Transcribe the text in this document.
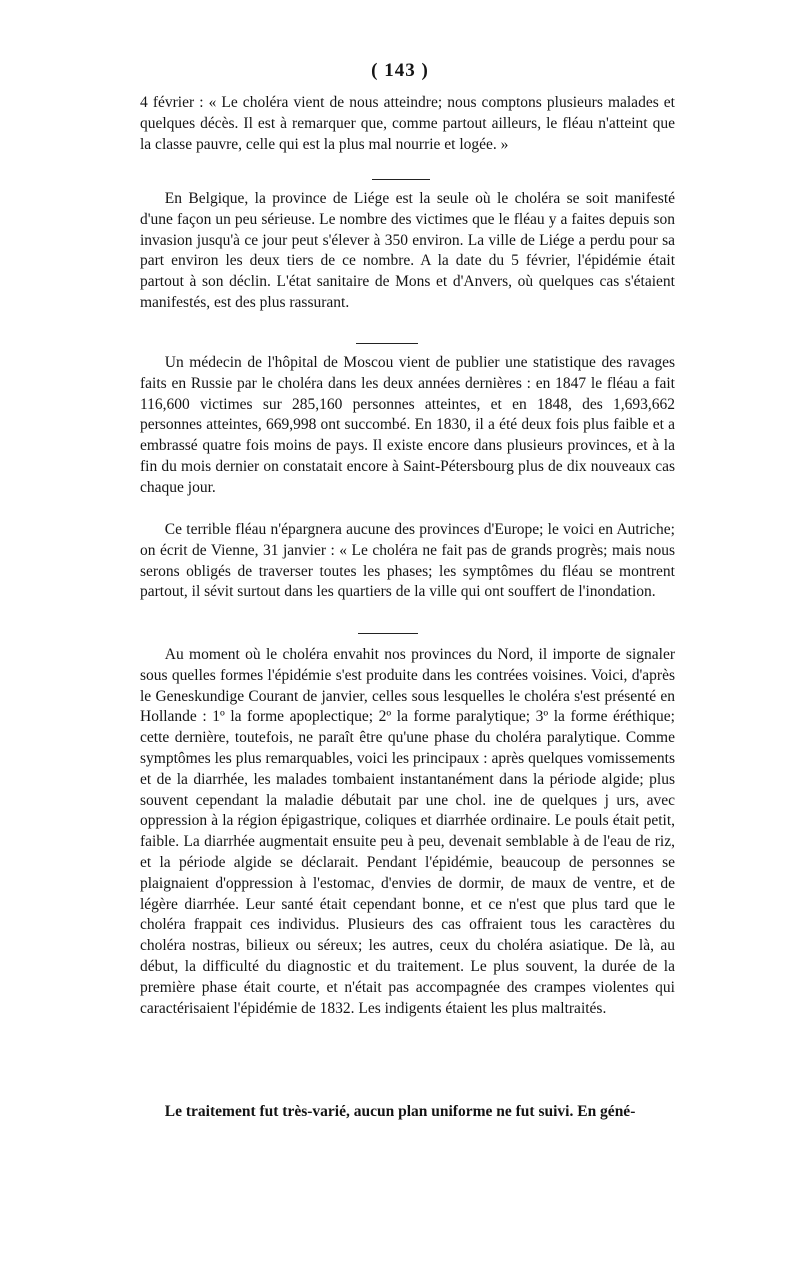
( 143 )

4 février : « Le choléra vient de nous atteindre; nous comptons plusieurs malades et quelques décès. Il est à remarquer que, comme partout ailleurs, le fléau n'atteint que la classe pauvre, celle qui est la plus mal nourrie et logée. »

En Belgique, la province de Liége est la seule où le choléra se soit manifesté d'une façon un peu sérieuse. Le nombre des victimes que le fléau y a faites depuis son invasion jusqu'à ce jour peut s'élever à 350 environ. La ville de Liége a perdu pour sa part environ les deux tiers de ce nombre. A la date du 5 février, l'épidémie était partout à son déclin. L'état sanitaire de Mons et d'Anvers, où quelques cas s'étaient manifestés, est des plus rassurant.

Un médecin de l'hôpital de Moscou vient de publier une statistique des ravages faits en Russie par le choléra dans les deux années dernières : en 1847 le fléau a fait 116,600 victimes sur 285,160 personnes atteintes, et en 1848, des 1,693,662 personnes atteintes, 669,998 ont succombé. En 1830, il a été deux fois plus faible et a embrassé quatre fois moins de pays. Il existe encore dans plusieurs provinces, et à la fin du mois dernier on constatait encore à Saint-Pétersbourg plus de dix nouveaux cas chaque jour.

Ce terrible fléau n'épargnera aucune des provinces d'Europe; le voici en Autriche; on écrit de Vienne, 31 janvier : « Le choléra ne fait pas de grands progrès; mais nous serons obligés de traverser toutes les phases; les symptômes du fléau se montrent partout, il sévit surtout dans les quartiers de la ville qui ont souffert de l'inondation.

Au moment où le choléra envahit nos provinces du Nord, il importe de signaler sous quelles formes l'épidémie s'est produite dans les contrées voisines. Voici, d'après le Geneskundige Courant de janvier, celles sous lesquelles le choléra s'est présenté en Hollande : 1º la forme apoplectique; 2º la forme paralytique; 3º la forme éréthique; cette dernière, toutefois, ne paraît être qu'une phase du choléra paralytique. Comme symptômes les plus remarquables, voici les principaux : après quelques vomissements et de la diarrhée, les malades tombaient instantanément dans la période algide; plus souvent cependant la maladie débutait par une chol. ine de quelques j urs, avec oppression à la région épigastrique, coliques et diarrhée ordinaire. Le pouls était petit, faible. La diarrhée augmentait ensuite peu à peu, devenait semblable à de l'eau de riz, et la période algide se déclarait. Pendant l'épidémie, beaucoup de personnes se plaignaient d'oppression à l'estomac, d'envies de dormir, de maux de ventre, et de légère diarrhée. Leur santé était cependant bonne, et ce n'est que plus tard que le choléra frappait ces individus. Plusieurs des cas offraient tous les caractères du choléra nostras, bilieux ou séreux; les autres, ceux du choléra asiatique. De là, au début, la difficulté du diagnostic et du traitement. Le plus souvent, la durée de la première phase était courte, et n'était pas accompagnée des crampes violentes qui caractérisaient l'épidémie de 1832. Les indigents étaient les plus maltraités.

Le traitement fut très-varié, aucun plan uniforme ne fut suivi. En géné-
